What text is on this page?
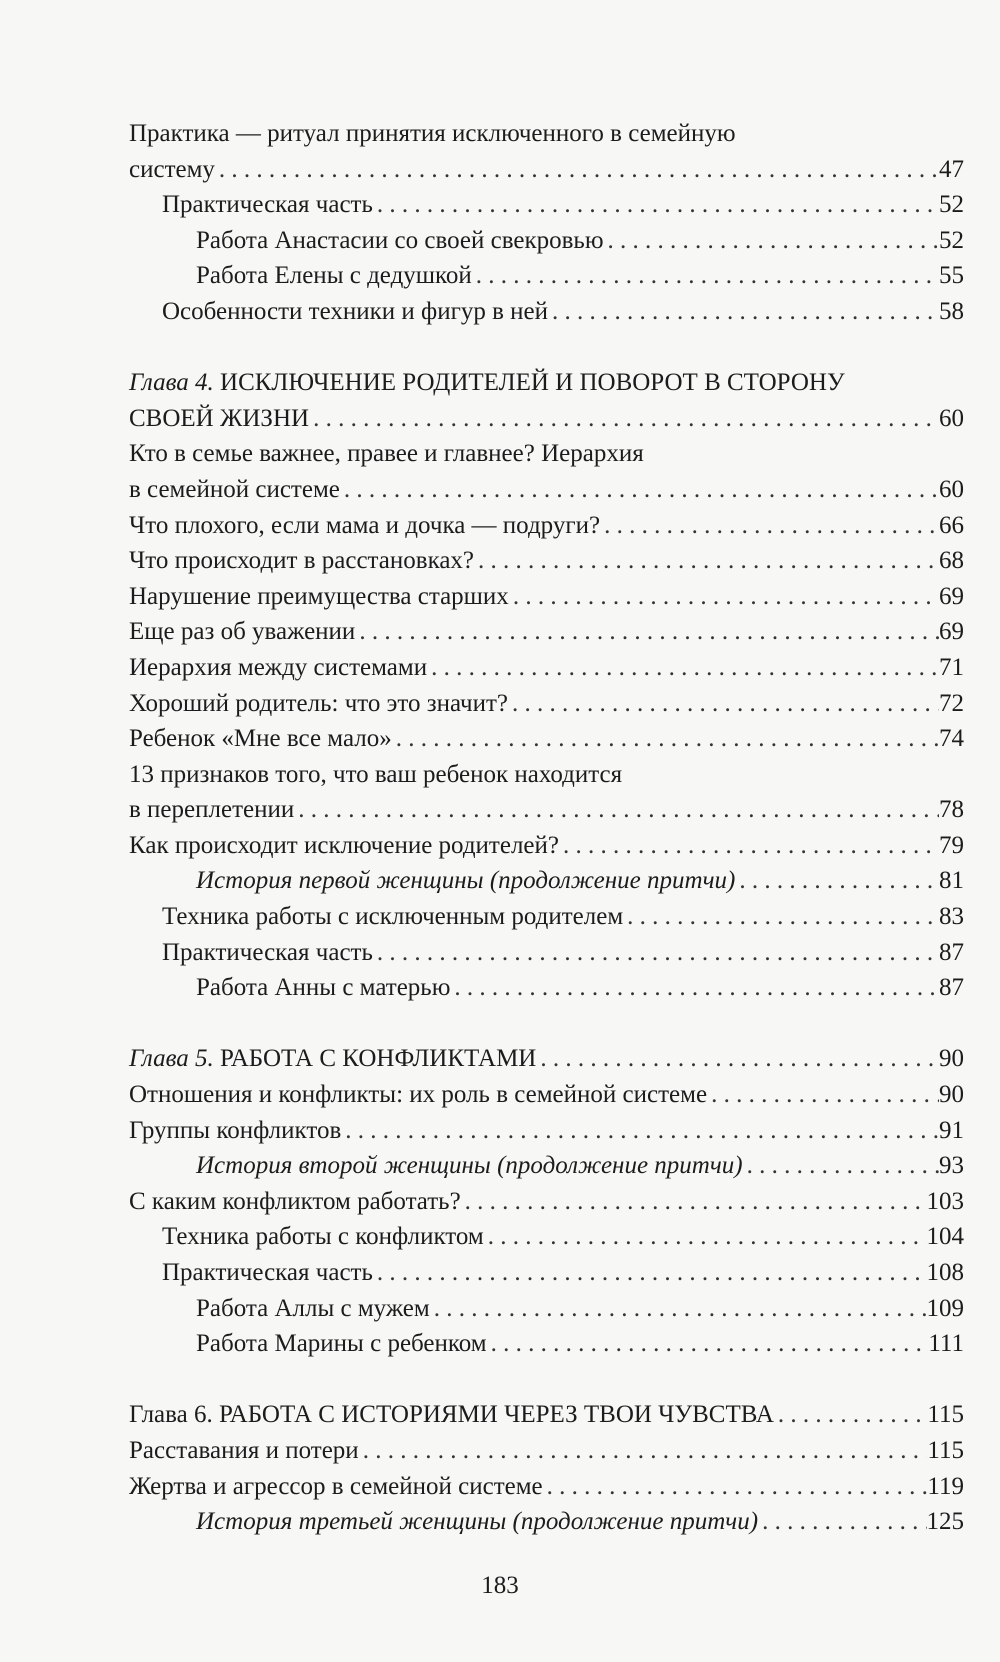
Практика — ритуал принятия исключенного в семейную
систему . . .	47
Практическая часть . . .	52
Работа Анастасии со своей свекровью . . .	52
Работа Елены с дедушкой . . .	55
Особенности техники и фигур в ней . . .	58
Глава 4. ИСКЛЮЧЕНИЕ РОДИТЕЛЕЙ И ПОВОРОТ В СТОРОНУ
СВОЕЙ ЖИЗНИ . . .	60
Кто в семье важнее, правее и главнее? Иерархия
в семейной системе . . .	60
Что плохого, если мама и дочка — подруги? . . .	66
Что происходит в расстановках? . . .	68
Нарушение преимущества старших . . .	69
Еще раз об уважении . . .	69
Иерархия между системами . . .	71
Хороший родитель: что это значит? . . .	72
Ребенок «Мне все мало» . . .	74
13 признаков того, что ваш ребенок находится
в переплетении . . .	78
Как происходит исключение родителей? . . .	79
История первой женщины (продолжение притчи) . . .	81
Техника работы с исключенным родителем . . .	83
Практическая часть . . .	87
Работа Анны с матерью . . .	87
Глава 5. РАБОТА С КОНФЛИКТАМИ . . .	90
Отношения и конфликты: их роль в семейной системе . . .	90
Группы конфликтов . . .	91
История второй женщины (продолжение притчи) . . .	93
С каким конфликтом работать? . . .	103
Техника работы с конфликтом . . .	104
Практическая часть . . .	108
Работа Аллы с мужем . . .	109
Работа Марины с ребенком . . .	111
Глава 6. РАБОТА С ИСТОРИЯМИ ЧЕРЕЗ ТВОИ ЧУВСТВА . . .	115
Расставания и потери . . .	115
Жертва и агрессор в семейной системе . . .	119
История третьей женщины (продолжение притчи) . . .	125
183
